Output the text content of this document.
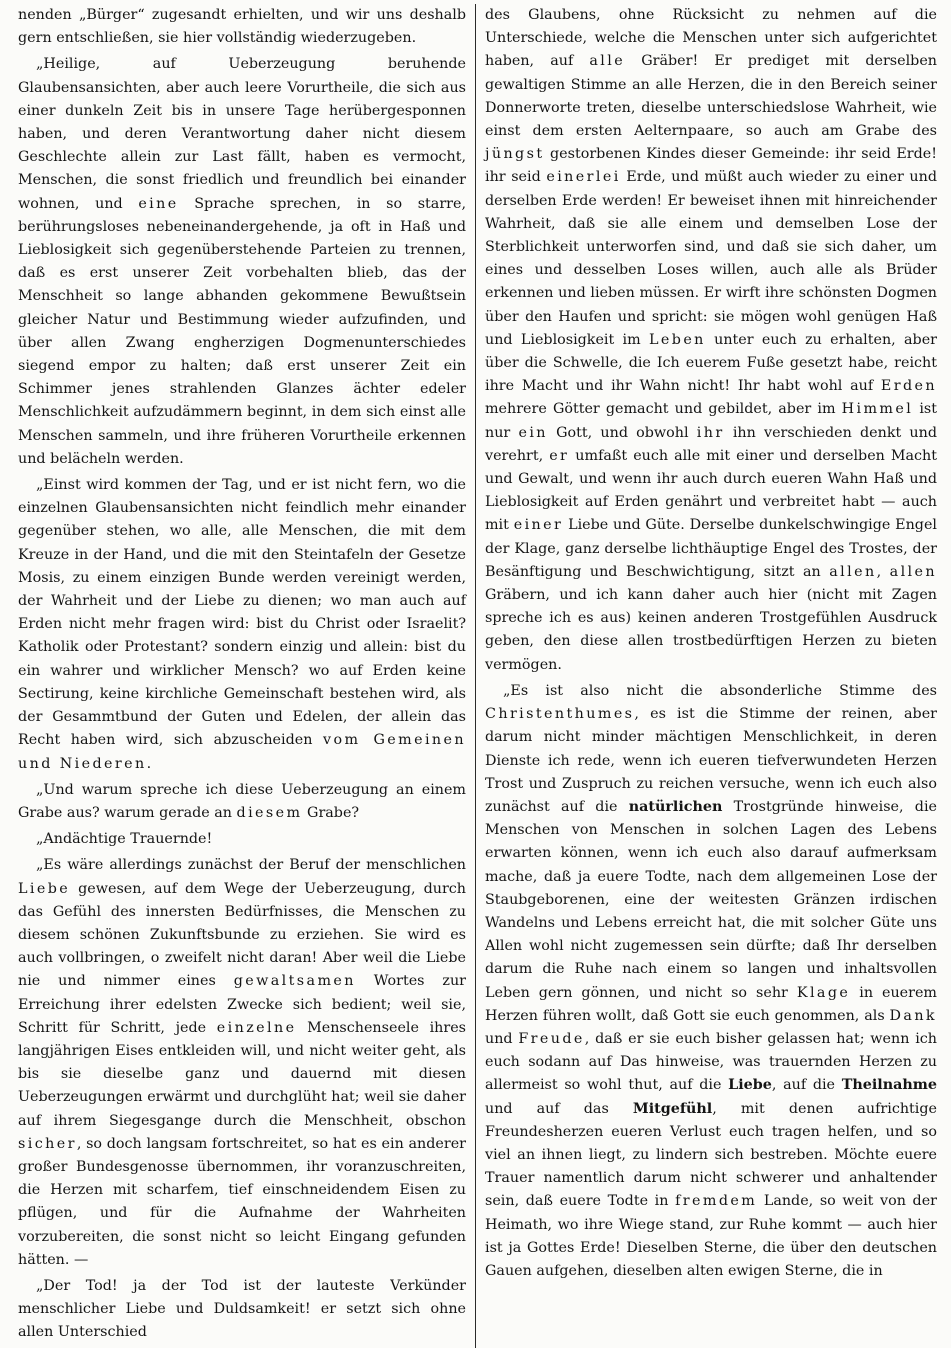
nenden „Bürger“ zugesandt erhielten, und wir uns deshalb gern entschließen, sie hier vollständig wiederzugeben.

„Heilige, auf Ueberzeugung beruhende Glaubensansichten, aber auch leere Vorurtheile, die sich aus einer dunkeln Zeit bis in unsere Tage herübergesponnen haben, und deren Verantwortung daher nicht diesem Geschlechte allein zur Last fällt, haben es vermocht, Menschen, die sonst friedlich und freundlich bei einander wohnen, und eine Sprache sprechen, in so starre, berührungsloses nebeneinandergehende, ja oft in Haß und Lieblosigkeit sich gegenüberstehende Parteien zu trennen, daß es erst unserer Zeit vorbehalten blieb, das der Menschheit so lange abhanden gekommene Bewußtsein gleicher Natur und Bestimmung wieder aufzufinden, und über allen Zwang engherzigen Dogmenunterschiedes siegend empor zu halten; daß erst unserer Zeit ein Schimmer jenes strahlenden Glanzes ächter edeler Menschlichkeit aufzudämmern beginnt, in dem sich einst alle Menschen sammeln, und ihre früheren Vorurtheile erkennen und belächeln werden.

„Einst wird kommen der Tag, und er ist nicht fern, wo die einzelnen Glaubensansichten nicht feindlich mehr einander gegenüber stehen, wo alle, alle Menschen, die mit dem Kreuze in der Hand, und die mit den Steintafeln der Gesetze Mosis, zu einem einzigen Bunde werden vereinigt werden, der Wahrheit und der Liebe zu dienen; wo man auch auf Erden nicht mehr fragen wird: bist du Christ oder Israelit? Katholik oder Protestant? sondern einzig und allein: bist du ein wahrer und wirklicher Mensch? wo auf Erden keine Sectirung, keine kirchliche Gemeinschaft bestehen wird, als der Gesammtbund der Guten und Edelen, der allein das Recht haben wird, sich abzuscheiden vom Gemeinen und Niederen.

„Und warum spreche ich diese Ueberzeugung an einem Grabe aus? warum gerade an diesem Grabe?

„Andächtige Trauernde!

„Es wäre allerdings zunächst der Beruf der menschlichen Liebe gewesen, auf dem Wege der Ueberzeugung, durch das Gefühl des innersten Bedürfnisses, die Menschen zu diesem schönen Zukunftsbunde zu erziehen. Sie wird es auch vollbringen, o zweifelt nicht daran! Aber weil die Liebe nie und nimmer eines gewaltsamen Wortes zur Erreichung ihrer edelsten Zwecke sich bedient; weil sie, Schritt für Schritt, jede einzelne Menschenseele ihres langjährigen Eises entkleiden will, und nicht weiter geht, als bis sie dieselbe ganz und dauernd mit diesen Ueberzeugungen erwärmt und durchglüht hat; weil sie daher auf ihrem Siegesgange durch die Menschheit, obschon sicher, so doch langsam fortschreitet, so hat es ein anderer großer Bundesgenosse übernommen, ihr voranzuschreiten, die Herzen mit scharfem, tief einschneidendem Eisen zu pflügen, und für die Aufnahme der Wahrheiten vorzubereiten, die sonst nicht so leicht Eingang gefunden hätten. —

„Der Tod! ja der Tod ist der lauteste Verkünder menschlicher Liebe und Duldsamkeit! er setzt sich ohne allen Unterschied

des Glaubens, ohne Rücksicht zu nehmen auf die Unterschiede, welche die Menschen unter sich aufgerichtet haben, auf alle Gräber! Er prediget mit derselben gewaltigen Stimme an alle Herzen, die in den Bereich seiner Donnerworte treten, dieselbe unterschiedslose Wahrheit, wie einst dem ersten Aelternpaare, so auch am Grabe des jüngst gestorbenen Kindes dieser Gemeinde: ihr seid Erde! ihr seid einerlei Erde, und müßt auch wieder zu einer und derselben Erde werden! Er beweiset ihnen mit hinreichender Wahrheit, daß sie alle einem und demselben Lose der Sterblichkeit unterworfen sind, und daß sie sich daher, um eines und desselben Loses willen, auch alle als Brüder erkennen und lieben müssen. Er wirft ihre schönsten Dogmen über den Haufen und spricht: sie mögen wohl genügen Haß und Lieblosigkeit im Leben unter euch zu erhalten, aber über die Schwelle, die Ich euerem Fuße gesetzt habe, reicht ihre Macht und ihr Wahn nicht! Ihr habt wohl auf Erden mehrere Götter gemacht und gebildet, aber im Himmel ist nur ein Gott, und obwohl ihr ihn verschieden denkt und verehrt, er umfaßt euch alle mit einer und derselben Macht und Gewalt, und wenn ihr auch durch eueren Wahn Haß und Lieblosigkeit auf Erden genährt und verbreitet habt — auch mit einer Liebe und Güte. Derselbe dunkelschwingige Engel der Klage, ganz derselbe lichthäuptige Engel des Trostes, der Besänftigung und Beschwichtigung, sitzt an allen, allen Gräbern, und ich kann daher auch hier (nicht mit Zagen spreche ich es aus) keinen anderen Trostgefühlen Ausdruck geben, den diese allen trostbedürftigen Herzen zu bieten vermögen.

„Es ist also nicht die absonderliche Stimme des Christenthumes, es ist die Stimme der reinen, aber darum nicht minder mächtigen Menschlichkeit, in deren Dienste ich rede, wenn ich eueren tiefverwundeten Herzen Trost und Zuspruch zu reichen versuche, wenn ich euch also zunächst auf die natürlichen Trostgründe hinweise, die Menschen von Menschen in solchen Lagen des Lebens erwarten können, wenn ich euch also darauf aufmerksam mache, daß ja euere Todte, nach dem allgemeinen Lose der Staubgeborenen, eine der weitesten Gränzen irdischen Wandelns und Lebens erreicht hat, die mit solcher Güte uns Allen wohl nicht zugemessen sein dürfte; daß Ihr derselben darum die Ruhe nach einem so langen und inhaltsvollen Leben gern gönnen, und nicht so sehr Klage in euerem Herzen führen wollt, daß Gott sie euch genommen, als Dank und Freude, daß er sie euch bisher gelassen hat; wenn ich euch sodann auf Das hinweise, was trauernden Herzen zu allermeist so wohl thut, auf die Liebe, auf die Theilnahme und auf das Mitgefühl, mit denen aufrichtige Freundesherzen eueren Verlust euch tragen helfen, und so viel an ihnen liegt, zu lindern sich bestreben. Möchte euere Trauer namentlich darum nicht schwerer und anhaltender sein, daß euere Todte in fremdem Lande, so weit von der Heimath, wo ihre Wiege stand, zur Ruhe kommt — auch hier ist ja Gottes Erde! Dieselben Sterne, die über den deutschen Gauen aufgehen, dieselben alten ewigen Sterne, die in
